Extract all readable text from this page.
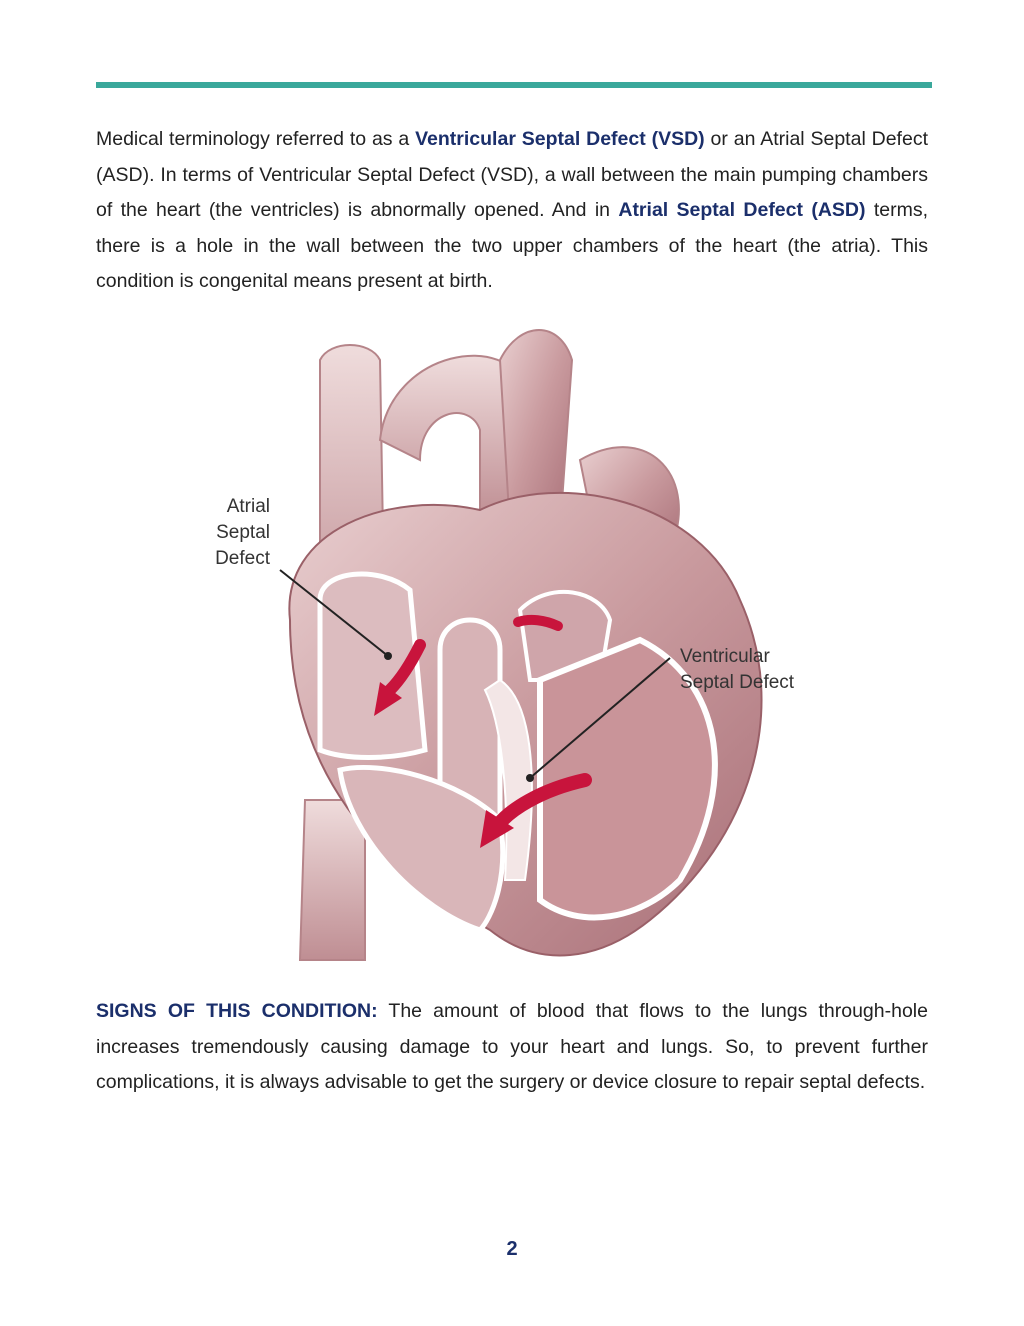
Medical terminology referred to as a Ventricular Septal Defect (VSD) or an Atrial Septal Defect (ASD). In terms of Ventricular Septal Defect (VSD), a wall between the main pumping chambers of the heart (the ventricles) is abnormally opened. And in Atrial Septal Defect (ASD) terms, there is a hole in the wall between the two upper chambers of the heart (the atria). This condition is congenital means present at birth.

Atrial
Septal
Defect
Ventricular
Septal Defect

SIGNS OF THIS CONDITION: The amount of blood that flows to the lungs through-hole increases tremendously causing damage to your heart and lungs. So, to prevent further complications, it is always advisable to get the surgery or device closure to repair septal defects.

2
